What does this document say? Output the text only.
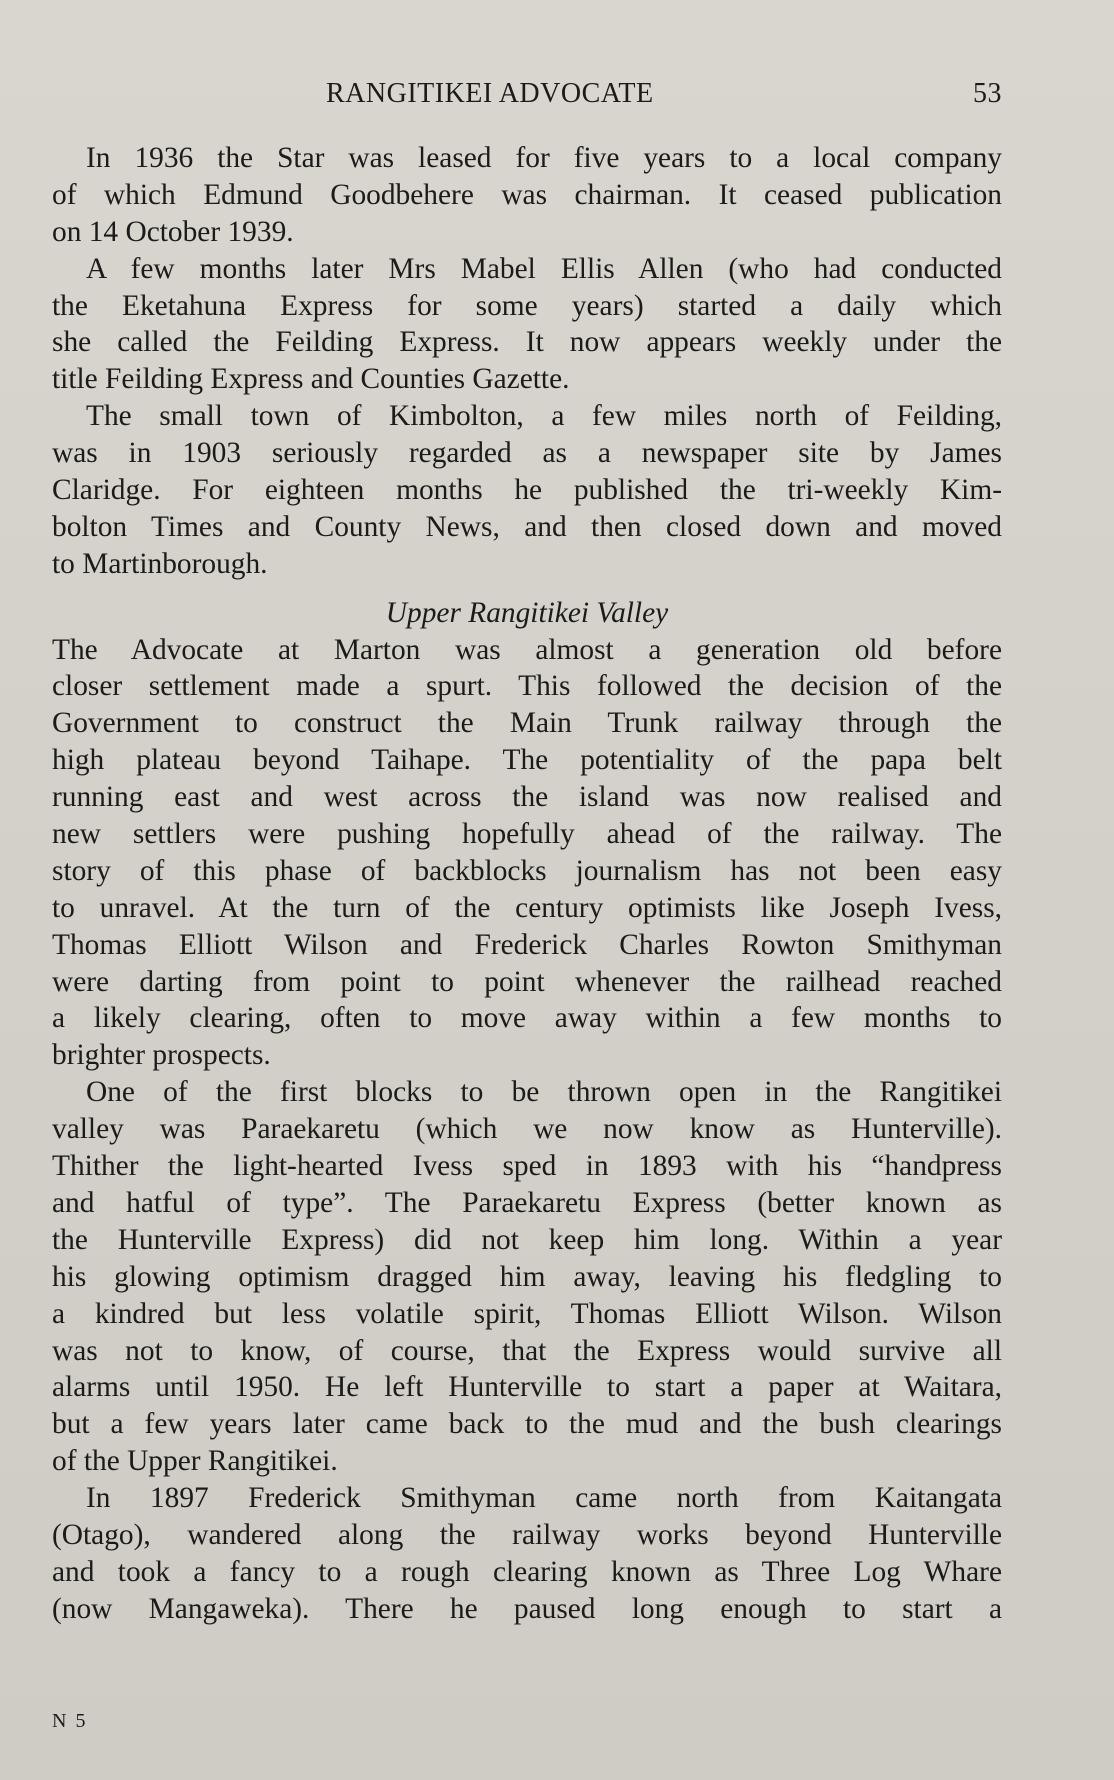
RANGITIKEI ADVOCATE	53

In 1936 the Star was leased for five years to a local company
of which Edmund Goodbehere was chairman. It ceased publication
on 14 October 1939.

A few months later Mrs Mabel Ellis Allen (who had conducted
the Eketahuna Express for some years) started a daily which
she called the Feilding Express. It now appears weekly under the
title Feilding Express and Counties Gazette.

The small town of Kimbolton, a few miles north of Feilding,
was in 1903 seriously regarded as a newspaper site by James
Claridge. For eighteen months he published the tri-weekly Kim-
bolton Times and County News, and then closed down and moved
to Martinborough.

Upper Rangitikei Valley

The Advocate at Marton was almost a generation old before
closer settlement made a spurt. This followed the decision of the
Government to construct the Main Trunk railway through the
high plateau beyond Taihape. The potentiality of the papa belt
running east and west across the island was now realised and
new settlers were pushing hopefully ahead of the railway. The
story of this phase of backblocks journalism has not been easy
to unravel. At the turn of the century optimists like Joseph Ivess,
Thomas Elliott Wilson and Frederick Charles Rowton Smithyman
were darting from point to point whenever the railhead reached
a likely clearing, often to move away within a few months to
brighter prospects.

One of the first blocks to be thrown open in the Rangitikei
valley was Paraekaretu (which we now know as Hunterville).
Thither the light-hearted Ivess sped in 1893 with his “handpress
and hatful of type”. The Paraekaretu Express (better known as
the Hunterville Express) did not keep him long. Within a year
his glowing optimism dragged him away, leaving his fledgling to
a kindred but less volatile spirit, Thomas Elliott Wilson. Wilson
was not to know, of course, that the Express would survive all
alarms until 1950. He left Hunterville to start a paper at Waitara,
but a few years later came back to the mud and the bush clearings
of the Upper Rangitikei.

In 1897 Frederick Smithyman came north from Kaitangata
(Otago), wandered along the railway works beyond Hunterville
and took a fancy to a rough clearing known as Three Log Whare
(now Mangaweka). There he paused long enough to start a

N 5
